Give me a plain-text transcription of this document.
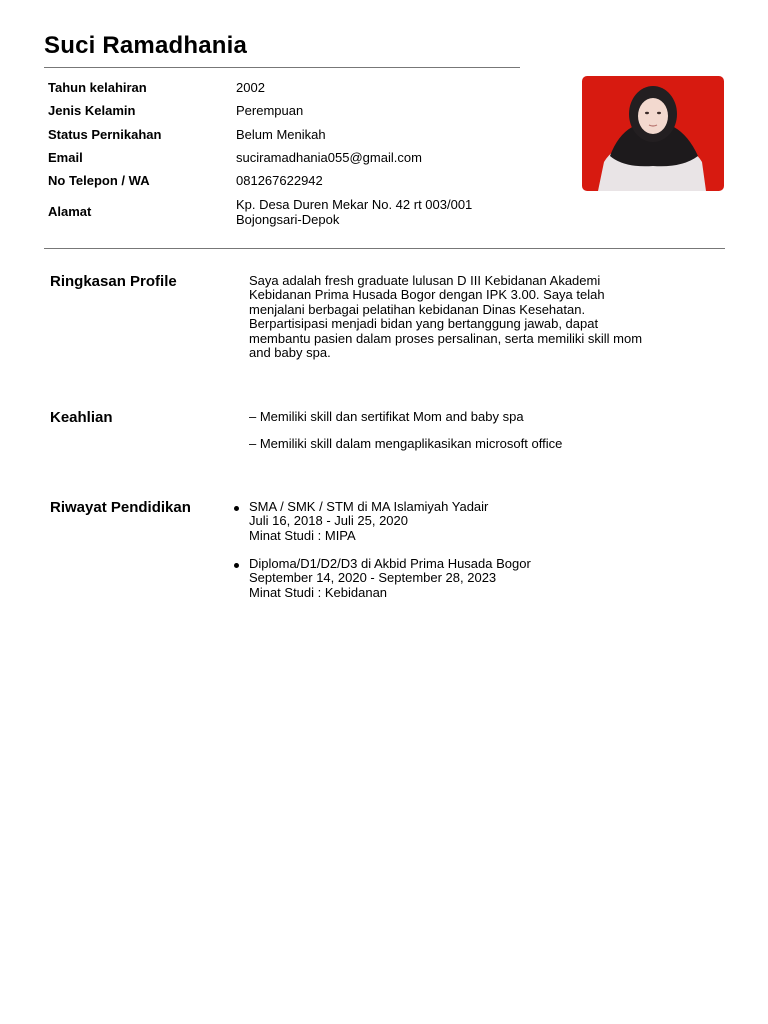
Suci Ramadhania
Tahun kelahiran	2002
Jenis Kelamin	Perempuan
Status Pernikahan	Belum Menikah
Email	suciramadhania055@gmail.com
No Telepon / WA	081267622942
Alamat	Kp. Desa Duren Mekar No. 42 rt 003/001
Bojongsari-Depok
Ringkasan Profile	Saya adalah fresh graduate lulusan D III Kebidanan Akademi
Kebidanan Prima Husada Bogor dengan IPK 3.00. Saya telah
menjalani berbagai pelatihan kebidanan Dinas Kesehatan.
Berpartisipasi menjadi bidan yang bertanggung jawab, dapat
membantu pasien dalam proses persalinan, serta memiliki skill mom
and baby spa.
Keahlian	– Memiliki skill dan sertifikat Mom and baby spa
– Memiliki skill dalam mengaplikasikan microsoft office
Riwayat Pendidikan	SMA / SMK / STM di MA Islamiyah Yadair
Juli 16, 2018 - Juli 25, 2020
Minat Studi : MIPA
Diploma/D1/D2/D3 di Akbid Prima Husada Bogor
September 14, 2020 - September 28, 2023
Minat Studi : Kebidanan
